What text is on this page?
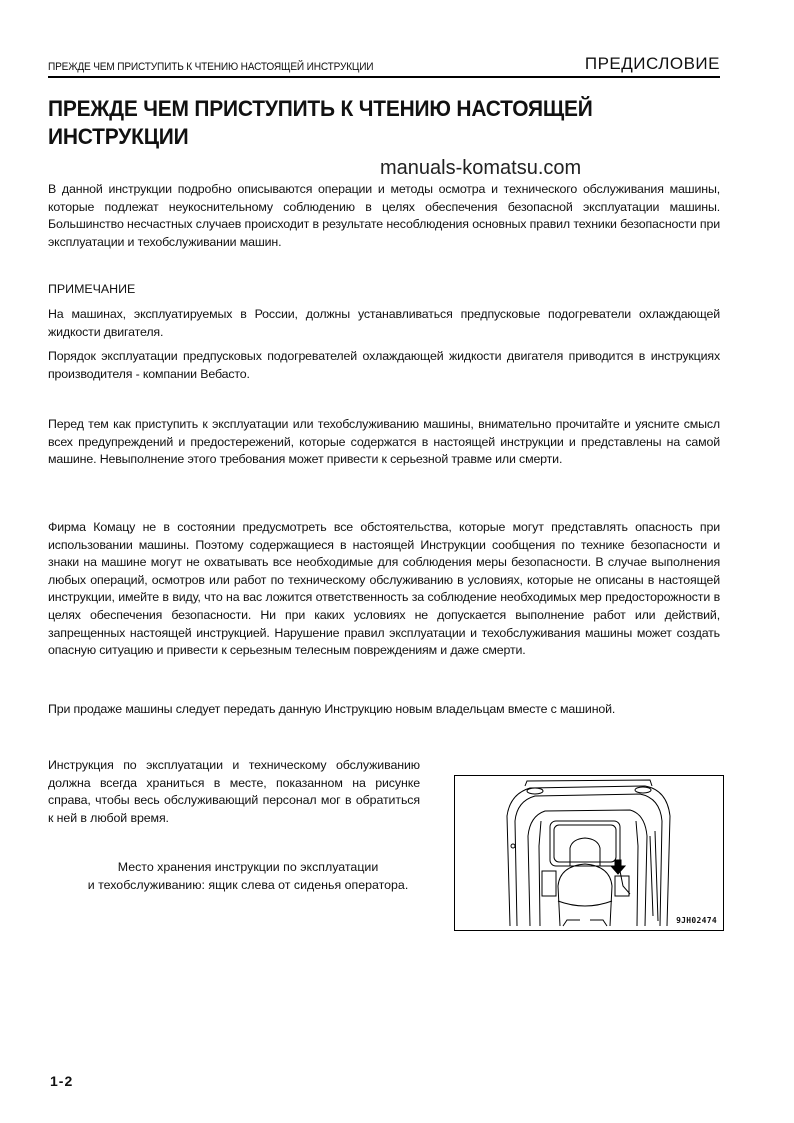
ПРЕЖДЕ ЧЕМ ПРИСТУПИТЬ К ЧТЕНИЮ НАСТОЯЩЕЙ ИНСТРУКЦИИ	ПРЕДИСЛОВИЕ
ПРЕЖДЕ ЧЕМ ПРИСТУПИТЬ К ЧТЕНИЮ НАСТОЯЩЕЙ ИНСТРУКЦИИ
manuals-komatsu.com

В данной инструкции подробно описываются операции и методы осмотра и технического обслуживания машины, которые подлежат неукоснительному соблюдению в целях обеспечения безопасной эксплуатации машины. Большинство несчастных случаев происходит в результате несоблюдения основных правил техники безопасности при эксплуатации и техобслуживании машин.

ПРИМЕЧАНИЕ

На машинах, эксплуатируемых в России, должны устанавливаться предпусковые подогреватели охлаждающей жидкости двигателя.

Порядок эксплуатации предпусковых подогревателей охлаждающей жидкости двигателя приводится в инструкциях производителя - компании Вебасто.

Перед тем как приступить к эксплуатации или техобслуживанию машины, внимательно прочитайте и уясните смысл всех предупреждений и предостережений, которые содержатся в настоящей инструкции и представлены на самой машине. Невыполнение этого требования может привести к серьезной травме или смерти.

Фирма Комацу не в состоянии предусмотреть все обстоятельства, которые могут представлять опасность при использовании машины. Поэтому содержащиеся в настоящей Инструкции сообщения по технике безопасности и знаки на машине могут не охватывать все необходимые для соблюдения меры безопасности. В случае выполнения любых операций, осмотров или работ по техническому обслуживанию в условиях, которые не описаны в настоящей инструкции, имейте в виду, что на вас ложится ответственность за соблюдение необходимых мер предосторожности в целях обеспечения безопасности. Ни при каких условиях не допускается выполнение работ или действий, запрещенных настоящей инструкцией. Нарушение правил эксплуатации и техобслуживания машины может создать опасную ситуацию и привести к серьезным телесным повреждениям и даже смерти.

При продаже машины следует передать данную Инструкцию новым владельцам вместе с машиной.

Инструкция по эксплуатации и техническому обслуживанию должна всегда храниться в месте, показанном на рисунке справа, чтобы весь обслуживающий персонал мог в обратиться к ней в любой время.

Место хранения инструкции по эксплуатации
и техобслуживанию: ящик слева от сиденья оператора.
9JH02474
1-2
